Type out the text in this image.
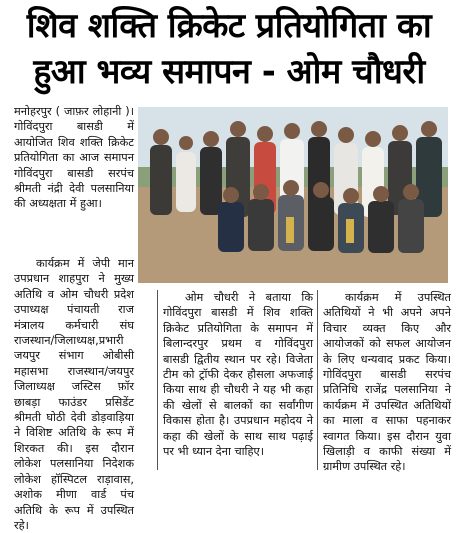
शिव शक्ति क्रिकेट प्रतियोगिता का
हुआ भव्य समापन - ओम चौधरी

मनोहरपुर ( जाफ़र लोहानी )। गोविंदपुरा बासडी में आयोजित शिव शक्ति क्रिकेट प्रतियोगिता का आज समापन गोविंदपुरा बासडी सरपंच श्रीमती नंद्री देवी पलसानिया की अध्यक्षता में हुआ।

कार्यक्रम में जेपी मान उपप्रधान शाहपुरा ने मुख्य अतिथि व ओम चौधरी प्रदेश उपाध्यक्ष पंचायती राज मंत्रालय कर्मचारी संघ राजस्थान/जिलाध्यक्ष,प्रभारी जयपुर संभाग ओबीसी महासभा राजस्थान/जयपुर जिलाध्यक्ष जस्टिस फ़ॉर छाबड़ा फाउंडर प्रसिडेंट श्रीमती घोठी देवी डोड़वाड़िया ने विशिष्ट अतिथि के रूप में शिरकत की। इस दौरान लोकेश पलसानिया निदेशक लोकेश हॉस्पिटल राड़ावास, अशोक मीणा वार्ड पंच अतिथि के रूप में उपस्थित रहे।

ओम चौधरी ने बताया कि गोविंदपुरा बासडी में शिव शक्ति क्रिकेट प्रतियोगिता के समापन में बिलान्दरपुर प्रथम व गोविंदपुरा बासडी द्वितीय स्थान पर रहे। विजेता टीम को ट्रॉफी देकर हौसला अफजाई किया साथ ही चौधरी ने यह भी कहा की खेलों से बालकों का सर्वांगीण विकास होता है। उपप्रधान महोदय ने कहा की खेलों के साथ साथ पढ़ाई पर भी ध्यान देना चाहिए।

कार्यक्रम में उपस्थित अतिथियों ने भी अपने अपने विचार व्यक्त किए और आयोजकों को सफल आयोजन के लिए धन्यवाद प्रकट किया। गोविंदपुरा बासडी सरपंच प्रतिनिधि राजेंद्र पलसानिया ने कार्यक्रम में उपस्थित अतिथियों का माला व साफा पहनाकर स्वागत किया। इस दौरान युवा खिलाड़ी व काफी संख्या में ग्रामीण उपस्थित रहे।
